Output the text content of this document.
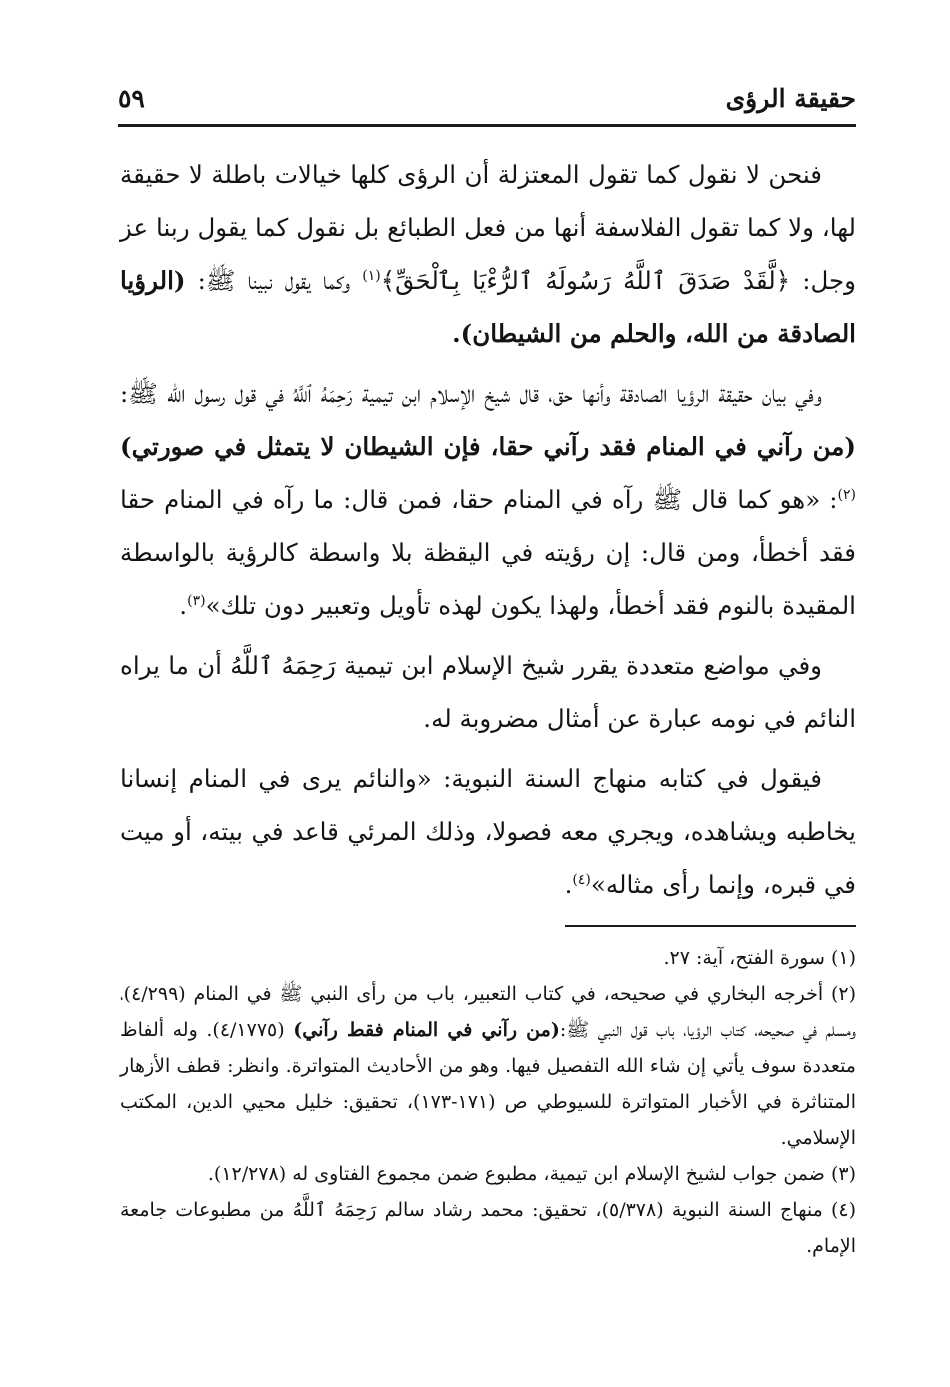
حقيقة الرؤى
٥٩

فنحن لا نقول كما تقول المعتزلة أن الرؤى كلها خيالات باطلة لا حقيقة لها، ولا كما تقول الفلاسفة أنها من فعل الطبائع بل نقول كما يقول ربنا عز وجل: ﴿لَّقَدْ صَدَقَ ٱللَّهُ رَسُولَهُ ٱلرُّءْيَا بِٱلْحَقِّ﴾$^{(١)}$ وكما يقول نبينا ﷺ: (الرؤيا الصادقة من الله، والحلم من الشيطان).

وفي بيان حقيقة الرؤيا الصادقة وأنها حق، قال شيخ الإسلام ابن تيمية رَحِمَهُ ٱللَّهُ في قول رسول الله ﷺ: (من رآني في المنام فقد رآني حقا، فإن الشيطان لا يتمثل في صورتي)$^{(٢)}$: «هو كما قال ﷺ رآه في المنام حقا، فمن قال: ما رآه في المنام حقا فقد أخطأ، ومن قال: إن رؤيته في اليقظة بلا واسطة كالرؤية بالواسطة المقيدة بالنوم فقد أخطأ، ولهذا يكون لهذه تأويل وتعبير دون تلك»$^{(٣)}$.

وفي مواضع متعددة يقرر شيخ الإسلام ابن تيمية رَحِمَهُ ٱللَّهُ أن ما يراه النائم في نومه عبارة عن أمثال مضروبة له.

فيقول في كتابه منهاج السنة النبوية: «والنائم يرى في المنام إنسانا يخاطبه ويشاهده، ويجري معه فصولا، وذلك المرئي قاعد في بيته، أو ميت في قبره، وإنما رأى مثاله»$^{(٤)}$.

(١) سورة الفتح، آية: ٢٧.

(٢) أخرجه البخاري في صحيحه، في كتاب التعبير، باب من رأى النبي ﷺ في المنام (٤/٢٩٩)، ومسلم في صحيحه، كتاب الرؤيا، باب قول النبي ﷺ:(من رآني في المنام فقط رآني) (٤/١٧٧٥). وله ألفاظ متعددة سوف يأتي إن شاء الله التفصيل فيها. وهو من الأحاديث المتواترة. وانظر: قطف الأزهار المتناثرة في الأخبار المتواترة للسيوطي ص (١٧١-١٧٣)، تحقيق: خليل محيي الدين، المكتب الإسلامي.

(٣) ضمن جواب لشيخ الإسلام ابن تيمية، مطبوع ضمن مجموع الفتاوى له (١٢/٢٧٨).

(٤) منهاج السنة النبوية (٥/٣٧٨)، تحقيق: محمد رشاد سالم رَحِمَهُ ٱللَّهُ من مطبوعات جامعة الإمام.
